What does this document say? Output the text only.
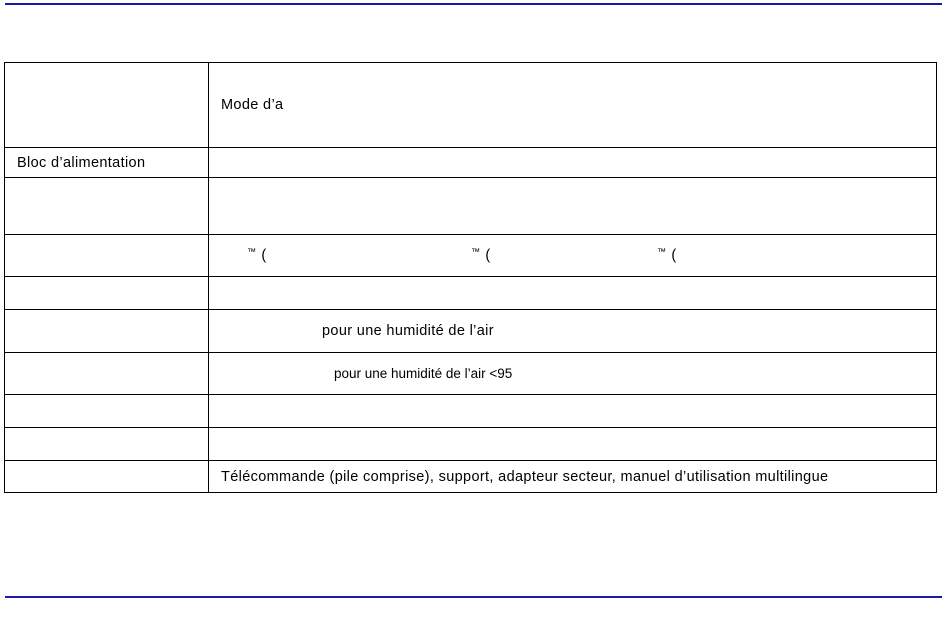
	Mode d’a
Bloc d’alimentation	

	™ ( ™ ( ™ (

	pour une humidité de l’air
	pour une humidité de l’air <95

	Télécommande (pile comprise), support, adapteur secteur, manuel d’utilisation multilingue
